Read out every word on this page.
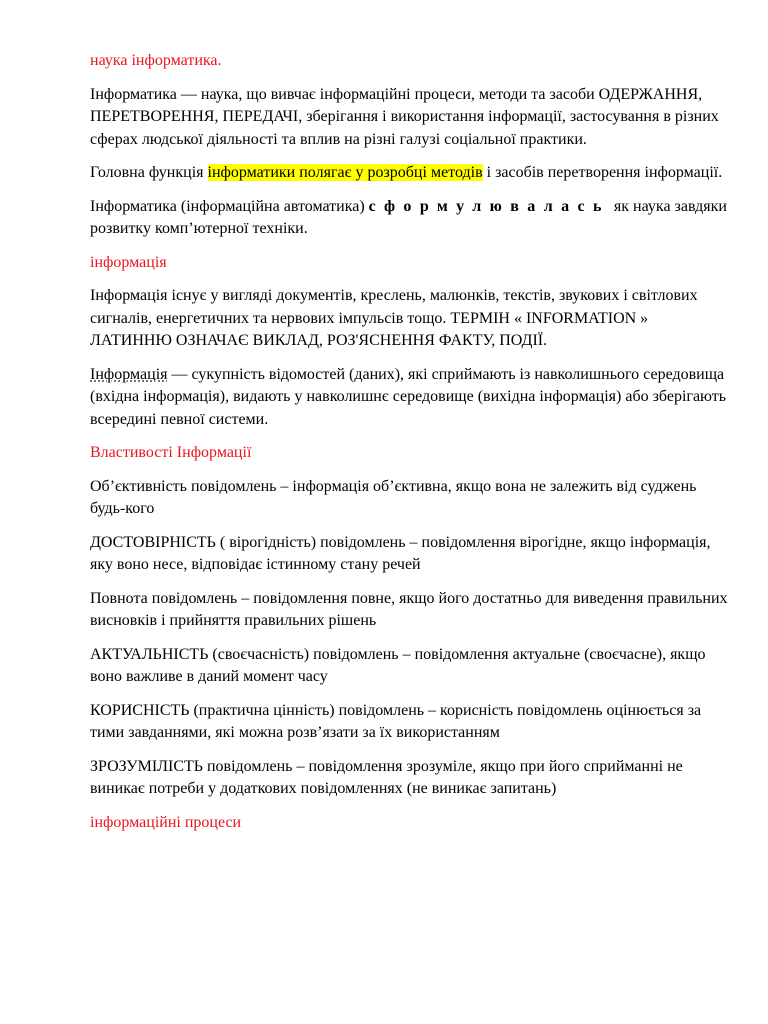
наука інформатика.

Інформатика — наука, що вивчає інформаційні процеси, методи та засоби ОДЕРЖАННЯ, ПЕРЕТВОРЕННЯ, ПЕРЕДАЧІ, зберігання і використання інформації, застосування в різних сферах людської діяльності та вплив на різні галузі соціальної практики.

Головна функція інформатики полягає у розробці методів і засобів перетворення інформації.

Інформатика (інформаційна автоматика) сформулювалась як наука завдяки розвитку комп’ютерної техніки.

інформація

Інформація існує у вигляді документів, креслень, малюнків, текстів, звукових і світлових сигналів, енергетичних та нервових імпульсів тощо. ТЕРМІН « INFORMATION » ЛАТИННЮ ОЗНАЧАЄ ВИКЛАД, РОЗ'ЯСНЕННЯ ФАКТУ, ПОДІЇ.

Інформація — сукупність відомостей (даних), які сприймають із навколишнього середовища (вхідна інформація), видають у навколишнє середовище (вихідна інформація) або зберігають всередині певної системи.

Властивості Інформації

Об’єктивність повідомлень – інформація об’єктивна, якщо вона не залежить від суджень будь-кого

ДОСТОВІРНІСТЬ ( вірогідність) повідомлень – повідомлення вірогідне, якщо інформація, яку воно несе, відповідає істинному стану речей

Повнота повідомлень – повідомлення повне, якщо його достатньо для виведення правильних висновків і прийняття правильних рішень

АКТУАЛЬНІСТЬ (своєчасність) повідомлень – повідомлення актуальне (своєчасне), якщо воно важливе в даний момент часу

КОРИСНІСТЬ (практична цінність) повідомлень – корисність повідомлень оцінюється за тими завданнями, які можна розв’язати за їх використанням

ЗРОЗУМІЛІСТЬ повідомлень – повідомлення зрозуміле, якщо при його сприйманні не виникає потреби у додаткових повідомленнях (не виникає запитань)

інформаційні процеси
